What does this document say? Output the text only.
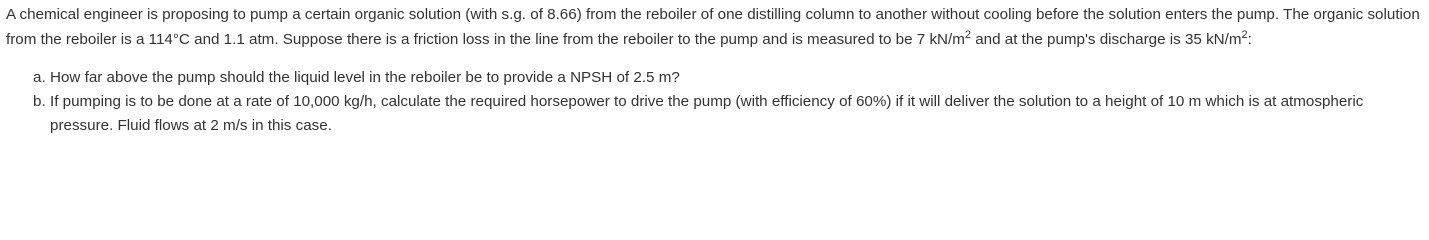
A chemical engineer is proposing to pump a certain organic solution (with s.g. of 8.66) from the reboiler of one distilling column to another without cooling before the solution enters the pump. The organic solution from the reboiler is a 114°C and 1.1 atm. Suppose there is a friction loss in the line from the reboiler to the pump and is measured to be 7 $kN/m^2$ and at the pump's discharge is 35 $kN/m^2$:

a. How far above the pump should the liquid level in the reboiler be to provide a NPSH of 2.5 m?
b. If pumping is to be done at a rate of 10,000 kg/h, calculate the required horsepower to drive the pump (with efficiency of 60%) if it will deliver the solution to a height of 10 m which is at atmospheric pressure. Fluid flows at 2 m/s in this case.
